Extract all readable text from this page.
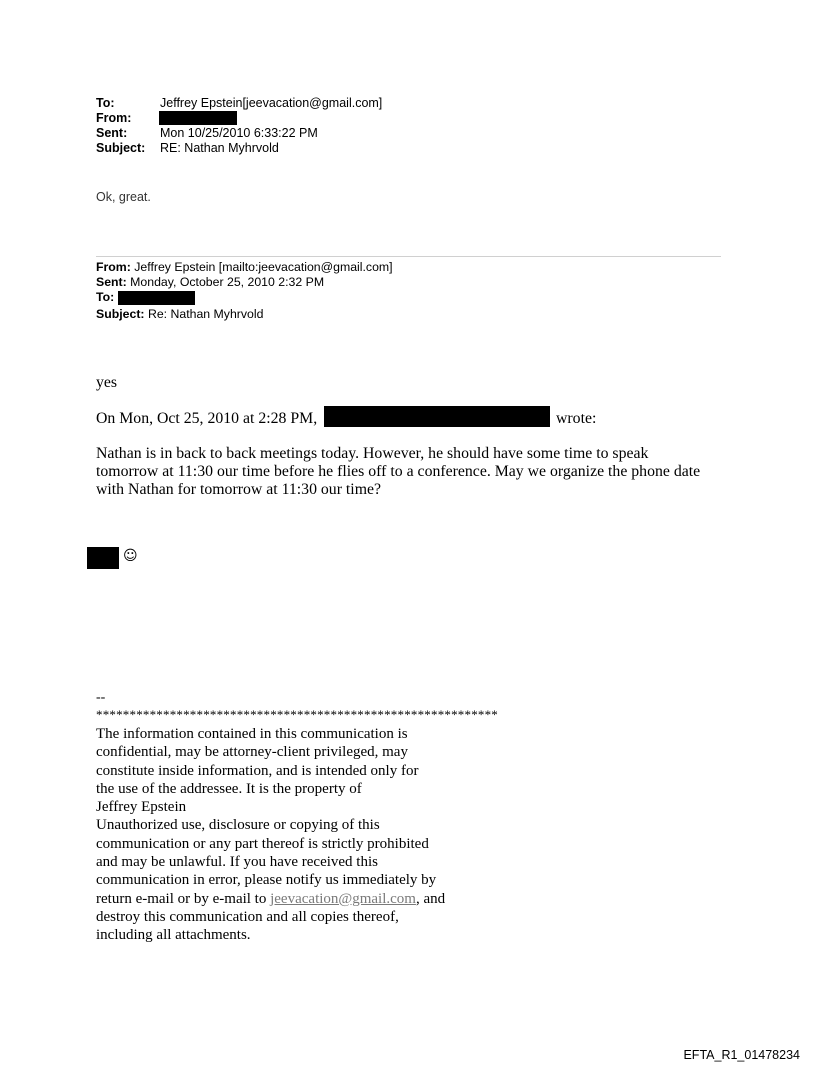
To:	Jeffrey Epstein[jeevacation@gmail.com]
From:
Sent:	Mon 10/25/2010 6:33:22 PM
Subject: RE: Nathan Myhrvold
Ok, great.
From: Jeffrey Epstein [mailto:jeevacation@gmail.com]
Sent: Monday, October 25, 2010 2:32 PM
To:
Subject: Re: Nathan Myhrvold
yes
On Mon, Oct 25, 2010 at 2:28 PM,	wrote:
Nathan is in back to back meetings today. However, he should have some time to speak
tomorrow at 11:30 our time before he flies off to a conference. May we organize the phone date
with Nathan for tomorrow at 11:30 our time?
☺
--
************************************************************
The information contained in this communication is
confidential, may be attorney-client privileged, may
constitute inside information, and is intended only for
the use of the addressee. It is the property of
Jeffrey Epstein
Unauthorized use, disclosure or copying of this
communication or any part thereof is strictly prohibited
and may be unlawful. If you have received this
communication in error, please notify us immediately by
return e-mail or by e-mail to jeevacation@gmail.com, and
destroy this communication and all copies thereof,
including all attachments.
EFTA_R1_01478234
